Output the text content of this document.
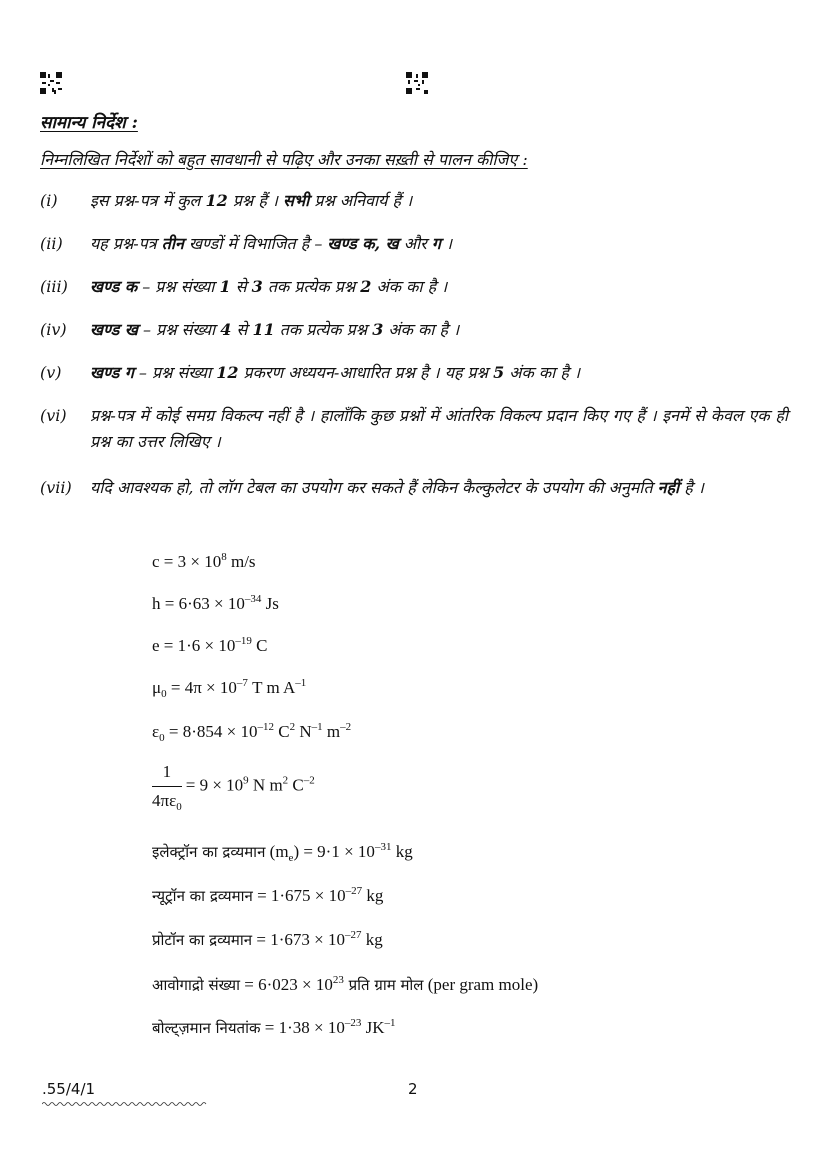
सामान्य निर्देश :
निम्नलिखित निर्देशों को बहुत सावधानी से पढ़िए और उनका सख़्ती से पालन कीजिए :
(i) इस प्रश्न-पत्र में कुल 12 प्रश्न हैं । सभी प्रश्न अनिवार्य हैं ।
(ii) यह प्रश्न-पत्र तीन खण्डों में विभाजित है – खण्ड क, ख और ग ।
(iii) खण्ड क – प्रश्न संख्या 1 से 3 तक प्रत्येक प्रश्न 2 अंक का है ।
(iv) खण्ड ख – प्रश्न संख्या 4 से 11 तक प्रत्येक प्रश्न 3 अंक का है ।
(v) खण्ड ग – प्रश्न संख्या 12 प्रकरण अध्ययन-आधारित प्रश्न है । यह प्रश्न 5 अंक का है ।
(vi) प्रश्न-पत्र में कोई समग्र विकल्प नहीं है । हालाँकि कुछ प्रश्नों में आंतरिक विकल्प प्रदान किए गए हैं । इनमें से केवल एक ही प्रश्न का उत्तर लिखिए ।
(vii) यदि आवश्यक हो, तो लॉग टेबल का उपयोग कर सकते हैं लेकिन कैल्कुलेटर के उपयोग की अनुमति नहीं है ।
$c = 3 \times 10^8$ m/s
$h = 6\cdot 63 \times 10^{-34}$ Js
$e = 1\cdot 6 \times 10^{-19}$ C
$\mu_0 = 4\pi \times 10^{-7}$ T m $A^{-1}$
$\varepsilon_0 = 8\cdot 854 \times 10^{-12}$ $C^2$ $N^{-1}$ $m^{-2}$
$\frac{1}{4\pi\varepsilon_0} = 9 \times 10^9$ N $m^2$ $C^{-2}$
इलेक्ट्रॉन का द्रव्यमान $(m_e) = 9\cdot 1 \times 10^{-31}$ kg
न्यूट्रॉन का द्रव्यमान = $1\cdot 675 \times 10^{-27}$ kg
प्रोटॉन का द्रव्यमान = $1\cdot 673 \times 10^{-27}$ kg
आवोगाद्रो संख्या = $6\cdot 023 \times 10^{23}$ प्रति ग्राम मोल (per gram mole)
बोल्ट्ज़मान नियतांक = $1\cdot 38 \times 10^{-23}$ $JK^{-1}$
.55/4/1	2
